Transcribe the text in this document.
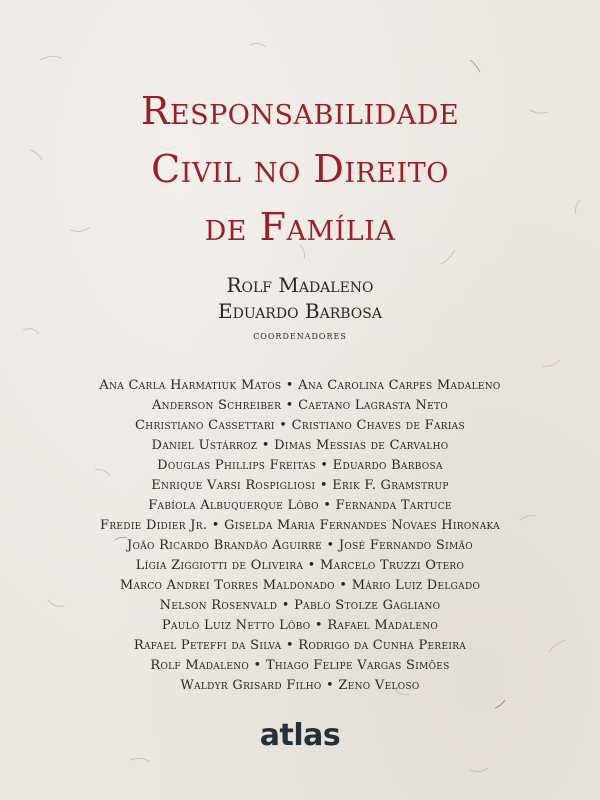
Responsabilidade
Civil no Direito
de Família
Rolf Madaleno
Eduardo Barbosa
coordenadores
Ana Carla Harmatiuk Matos • Ana Carolina Carpes Madaleno
Anderson Schreiber • Caetano Lagrasta Neto
Christiano Cassettari • Cristiano Chaves de Farias
Daniel Ustárroz • Dimas Messias de Carvalho
Douglas Phillips Freitas • Eduardo Barbosa
Enrique Varsi Rospigliosi • Erik F. Gramstrup
Fabíola Albuquerque Lôbo • Fernanda Tartuce
Fredie Didier Jr. • Giselda Maria Fernandes Novaes Hironaka
João Ricardo Brandão Aguirre • José Fernando Simão
Lígia Ziggiotti de Oliveira • Marcelo Truzzi Otero
Marco Andrei Torres Maldonado • Mário Luiz Delgado
Nelson Rosenvald • Pablo Stolze Gagliano
Paulo Luiz Netto Lôbo • Rafael Madaleno
Rafael Peteffi da Silva • Rodrigo da Cunha Pereira
Rolf Madaleno • Thiago Felipe Vargas Simões
Waldyr Grisard Filho • Zeno Veloso
atlas
